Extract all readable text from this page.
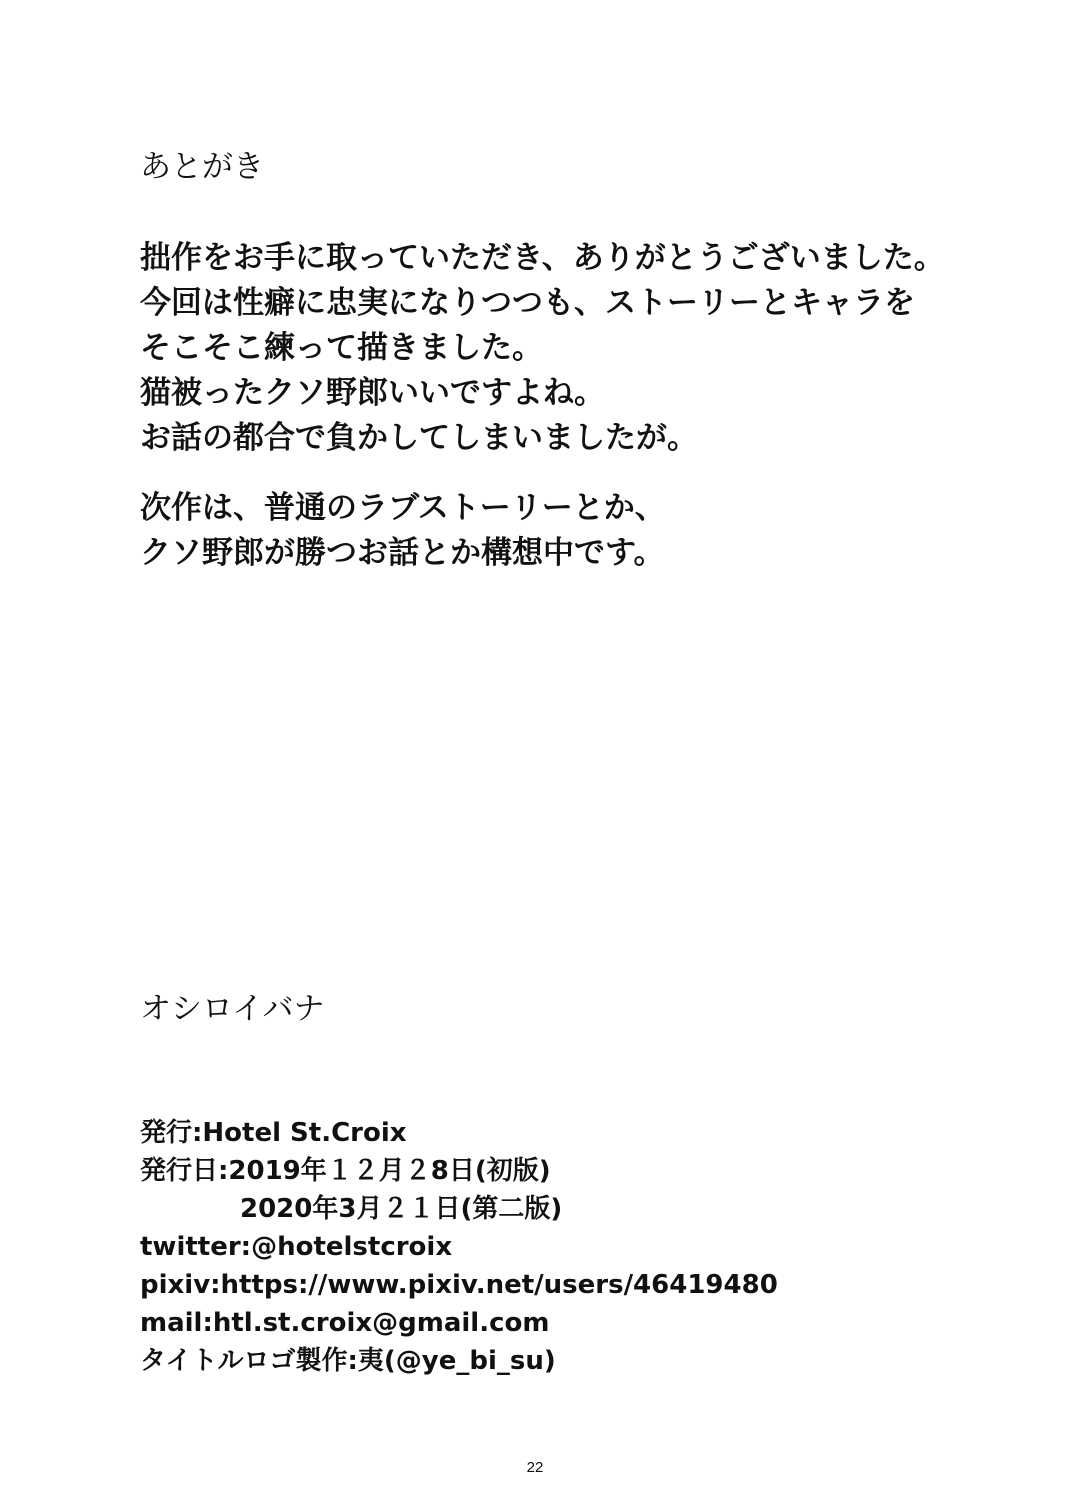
あとがき
拙作をお手に取っていただき、ありがとうございました。
今回は性癖に忠実になりつつも、ストーリーとキャラを
そこそこ練って描きました。
猫被ったクソ野郎いいですよね。
お話の都合で負かしてしまいましたが。
次作は、普通のラブストーリーとか、
クソ野郎が勝つお話とか構想中です。
オシロイバナ
発行:Hotel St.Croix
発行日:2019年１２月２8日(初版)
2020年3月２１日(第二版)
twitter:@hotelstcroix
pixiv:https://www.pixiv.net/users/46419480
mail:htl.st.croix@gmail.com
タイトルロゴ製作:夷(@ye_bi_su)
22
